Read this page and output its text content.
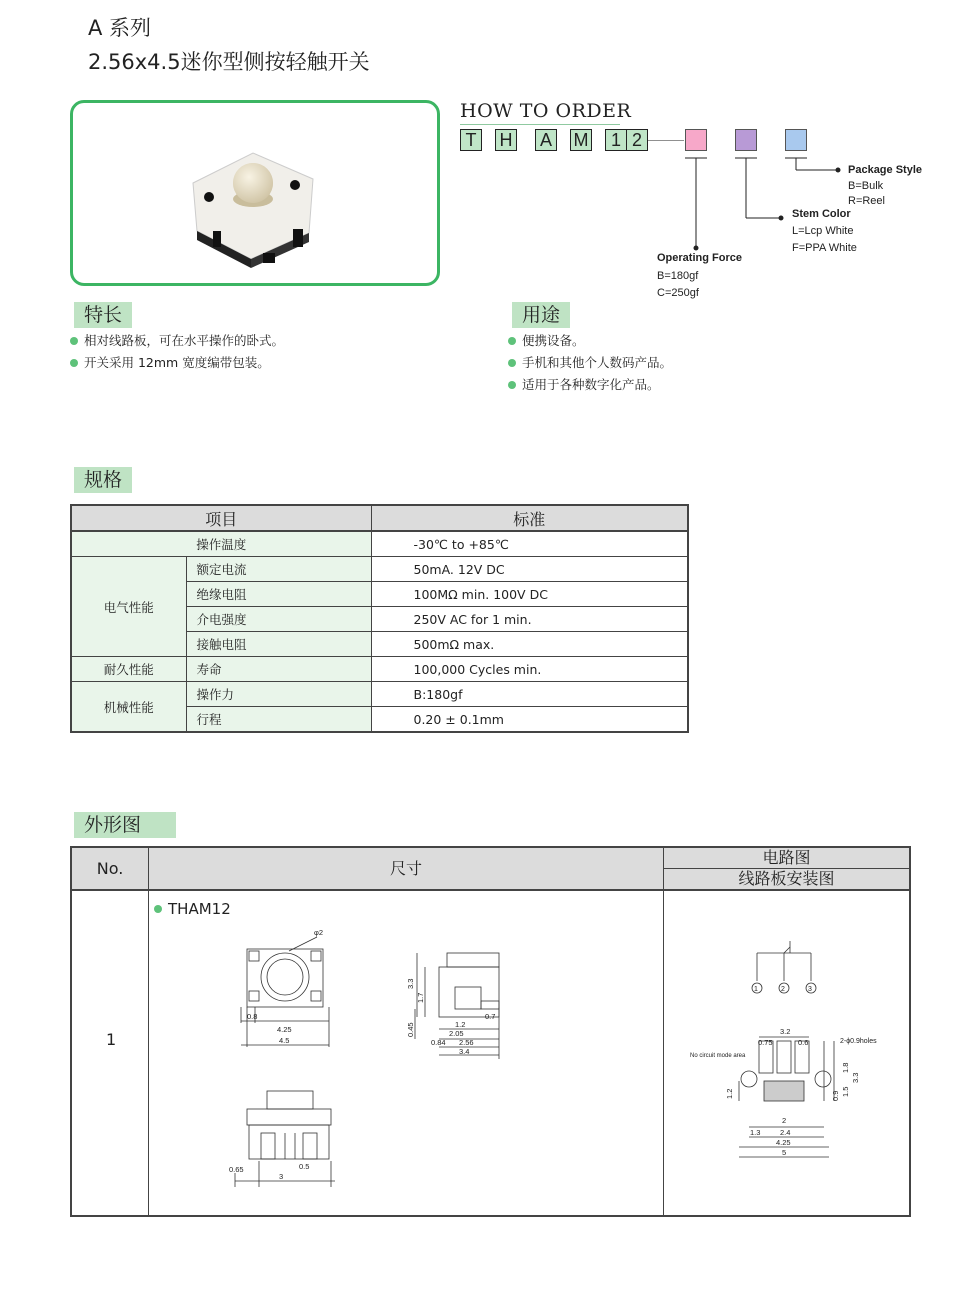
A 系列
2.56x4.5迷你型侧按轻触开关
HOW TO ORDER
T	H A M	1 2
Package Style
B=Bulk
R=Reel
Stem Color
L=Lcp White
F=PPA White
Operating Force
B=180gf
C=250gf
特长
相对线路板，可在水平操作的卧式。
开关采用 12mm 宽度编带包装。
用途
便携设备。
手机和其他个人数码产品。
适用于各种数字化产品。
规格
项目		标准
操作温度		-30℃ to +85℃
电气性能	额定电流	50mA. 12V DC
	绝缘电阻	100MΩ min. 100V DC
	介电强度	250V AC for 1 min.
	接触电阻	500mΩ max.
耐久性能	寿命	100,000 Cycles min.
机械性能	操作力	B:180gf
	行程	0.20 ± 0.1mm
外形图
No.	尺寸
电路图
线路板安装图
1
THAM12
φ2
0.8
4.25
4.5
3.3
1.7
0.45
0.7
1.2
2.05
0.84 2.56
3.4
0.65	0.5
3
1	2	3
3.2
0.75	0.6	2-ϕ0.9holes
No circuit mode area
1.8
3.3
1.5
0.9
1.2
2
1.3	2.4
4.25
5
